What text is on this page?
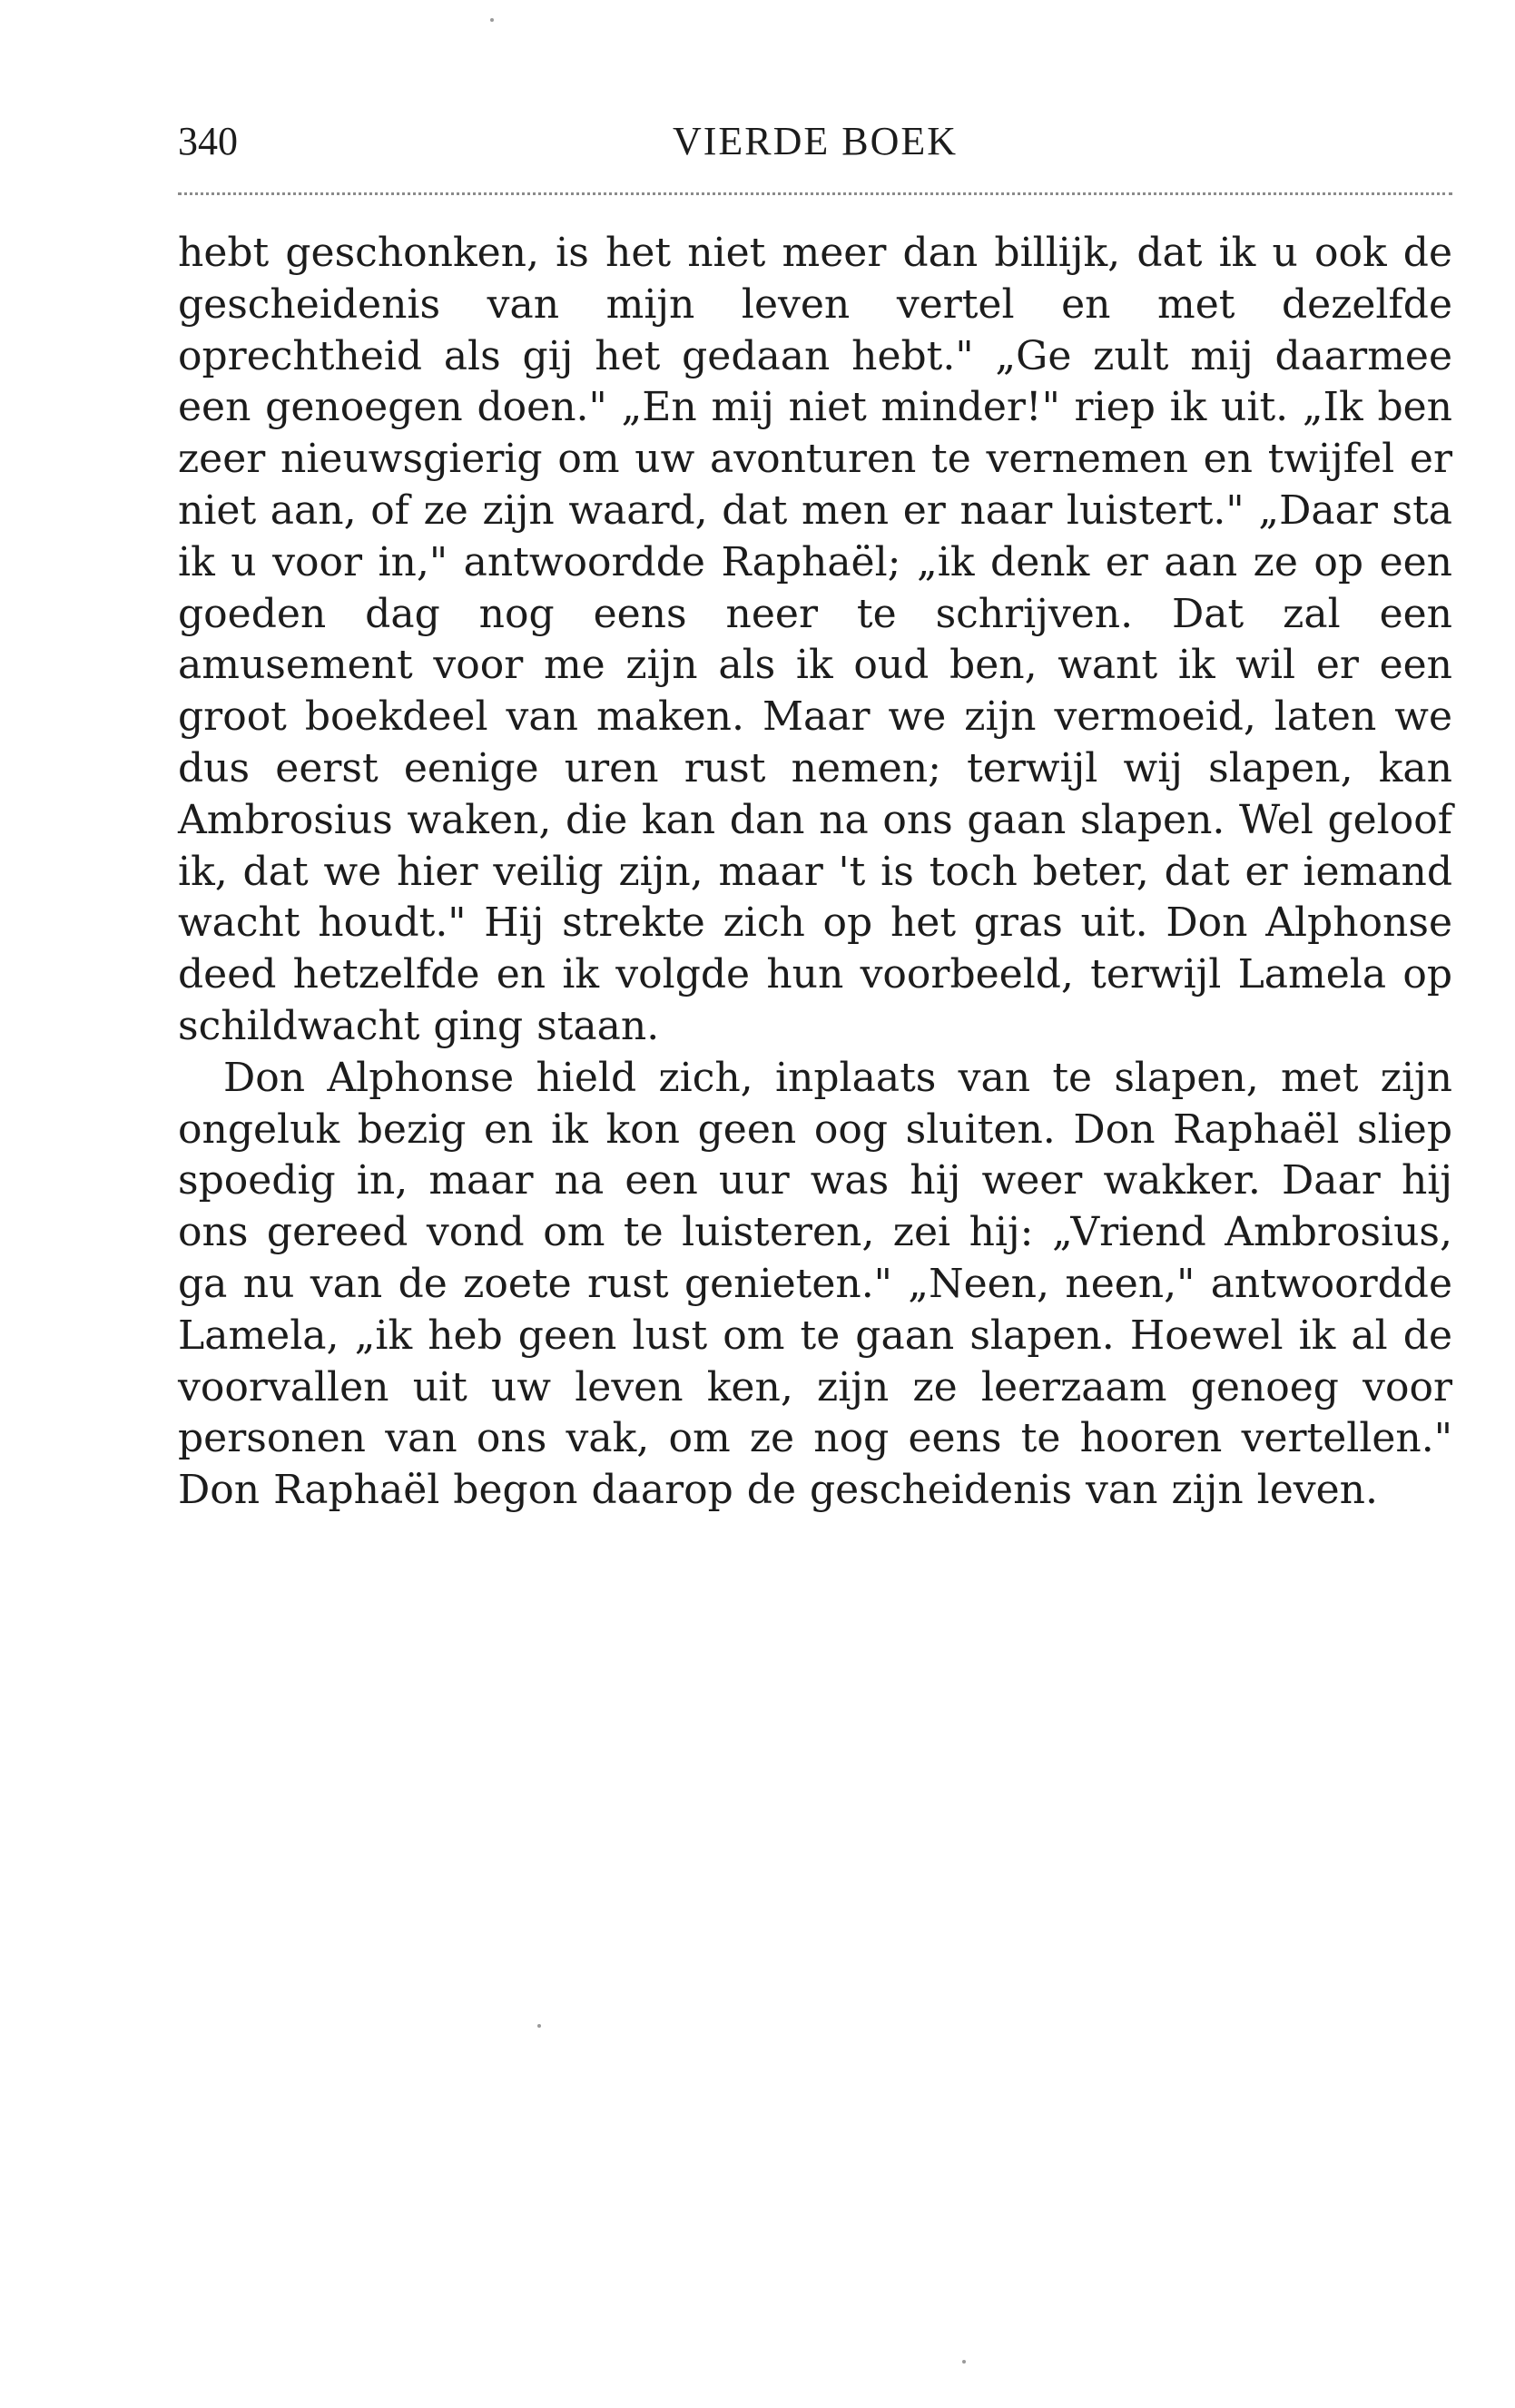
340	VIERDE BOEK

hebt geschonken, is het niet meer dan billijk, dat ik u ook de gescheidenis van mijn leven vertel en met dezelfde oprechtheid als gij het gedaan hebt." „Ge zult mij daarmee een genoegen doen." „En mij niet minder!" riep ik uit. „Ik ben zeer nieuwsgierig om uw avonturen te vernemen en twijfel er niet aan, of ze zijn waard, dat men er naar luistert." „Daar sta ik u voor in," antwoordde Raphaël; „ik denk er aan ze op een goeden dag nog eens neer te schrijven. Dat zal een amusement voor me zijn als ik oud ben, want ik wil er een groot boekdeel van maken. Maar we zijn vermoeid, laten we dus eerst eenige uren rust nemen; terwijl wij slapen, kan Ambrosius waken, die kan dan na ons gaan slapen. Wel geloof ik, dat we hier veilig zijn, maar 't is toch beter, dat er iemand wacht houdt." Hij strekte zich op het gras uit. Don Alphonse deed hetzelfde en ik volgde hun voorbeeld, terwijl Lamela op schildwacht ging staan.

Don Alphonse hield zich, inplaats van te slapen, met zijn ongeluk bezig en ik kon geen oog sluiten. Don Raphaël sliep spoedig in, maar na een uur was hij weer wakker. Daar hij ons gereed vond om te luisteren, zei hij: „Vriend Ambrosius, ga nu van de zoete rust genieten." „Neen, neen," antwoordde Lamela, „ik heb geen lust om te gaan slapen. Hoewel ik al de voorvallen uit uw leven ken, zijn ze leerzaam genoeg voor personen van ons vak, om ze nog eens te hooren vertellen." Don Raphaël begon daarop de gescheidenis van zijn leven.
